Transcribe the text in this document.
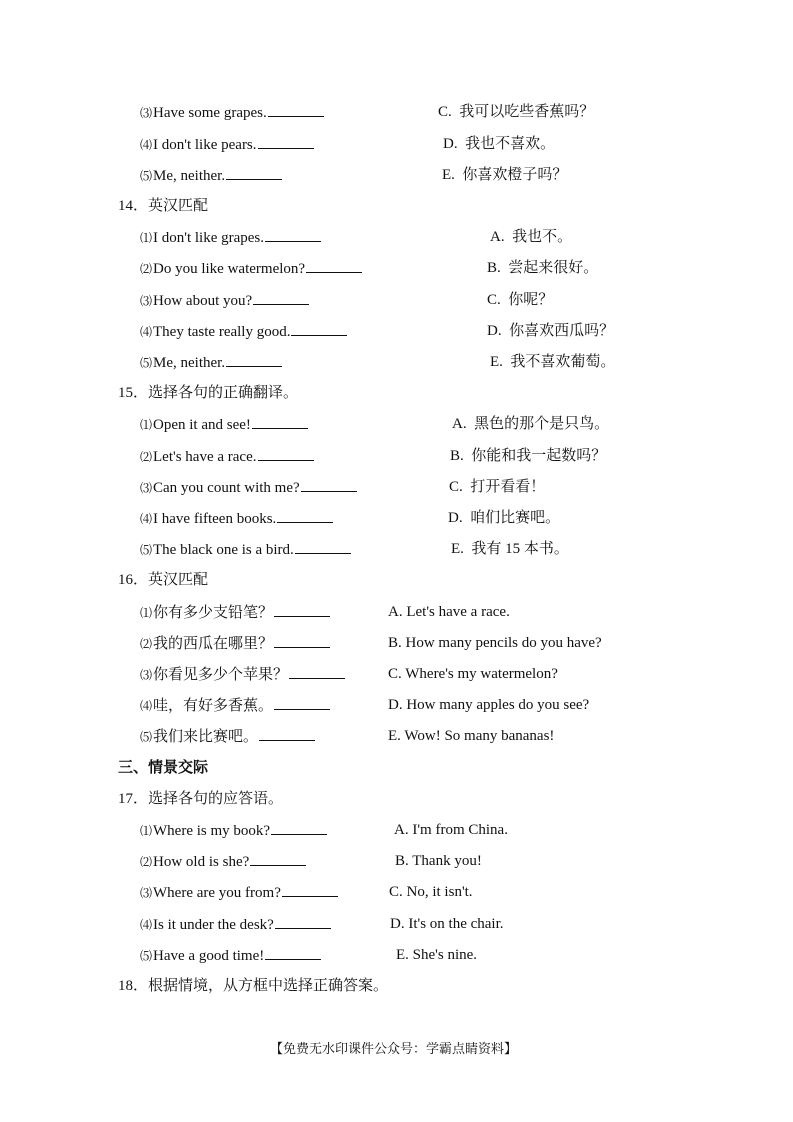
⑶Have some grapes.	C. 我可以吃些香蕉吗？
⑷I don't like pears.	D. 我也不喜欢。
⑸Me, neither.	E. 你喜欢橙子吗？
14．英汉匹配
⑴I don't like grapes.	A. 我也不。
⑵Do you like watermelon?	B. 尝起来很好。
⑶How about you?	C. 你呢？
⑷They taste really good.	D. 你喜欢西瓜吗？
⑸Me, neither.	E. 我不喜欢葡萄。
15．选择各句的正确翻译。
⑴Open it and see!	A. 黑色的那个是只鸟。
⑵Let's have a race.	B. 你能和我一起数吗？
⑶Can you count with me?	C. 打开看看！
⑷I have fifteen books.	D. 咱们比赛吧。
⑸The black one is a bird.	E. 我有 15 本书。
16．英汉匹配
⑴你有多少支铅笔？	A. Let's have a race.
⑵我的西瓜在哪里？	B. How many pencils do you have?
⑶你看见多少个苹果？	C. Where's my watermelon?
⑷哇，有好多香蕉。	D. How many apples do you see?
⑸我们来比赛吧。	E. Wow! So many bananas!
三、情景交际
17．选择各句的应答语。
⑴Where is my book?	A. I'm from China.
⑵How old is she?	B. Thank you!
⑶Where are you from?	C. No, it isn't.
⑷Is it under the desk?	D. It's on the chair.
⑸Have a good time!	E. She's nine.
18．根据情境，从方框中选择正确答案。
【免费无水印课件公众号：学霸点睛资料】
